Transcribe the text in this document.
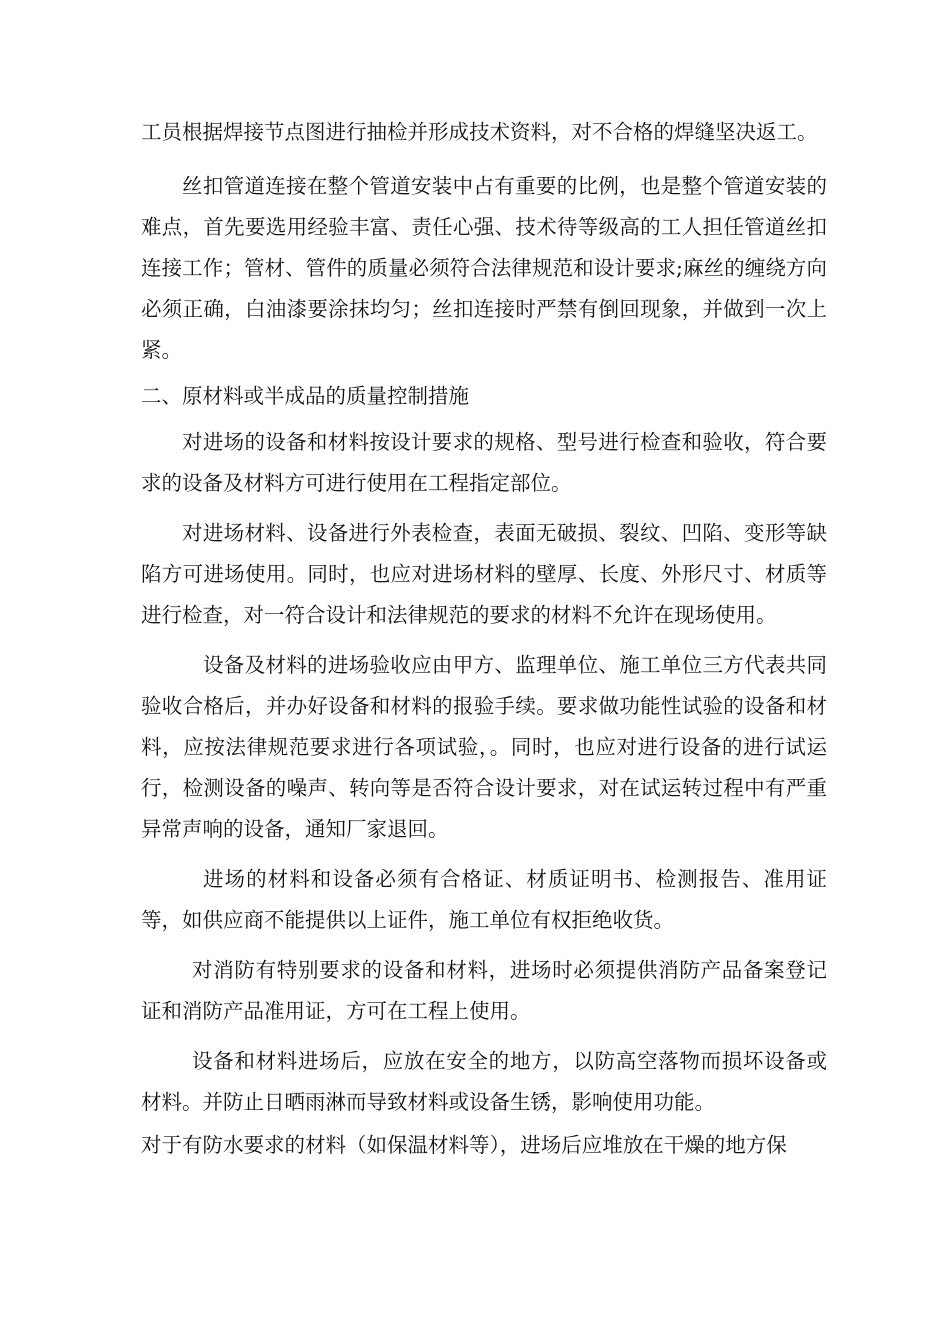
工员根据焊接节点图进行抽检并形成技术资料，对不合格的焊缝坚决返工。

丝扣管道连接在整个管道安装中占有重要的比例，也是整个管道安装的难点，首先要选用经验丰富、责任心强、技术待等级高的工人担任管道丝扣连接工作；管材、管件的质量必须符合法律规范和设计要求;麻丝的缠绕方向必须正确，白油漆要涂抹均匀；丝扣连接时严禁有倒回现象，并做到一次上紧。

二、原材料或半成品的质量控制措施

对进场的设备和材料按设计要求的规格、型号进行检查和验收，符合要求的设备及材料方可进行使用在工程指定部位。

对进场材料、设备进行外表检查，表面无破损、裂纹、凹陷、变形等缺陷方可进场使用。同时，也应对进场材料的壁厚、长度、外形尺寸、材质等进行检查，对一符合设计和法律规范的要求的材料不允许在现场使用。

设备及材料的进场验收应由甲方、监理单位、施工单位三方代表共同验收合格后，并办好设备和材料的报验手续。要求做功能性试验的设备和材料，应按法律规范要求进行各项试验，。同时，也应对进行设备的进行试运行，检测设备的噪声、转向等是否符合设计要求，对在试运转过程中有严重异常声响的设备，通知厂家退回。

进场的材料和设备必须有合格证、材质证明书、检测报告、准用证等，如供应商不能提供以上证件，施工单位有权拒绝收货。

对消防有特别要求的设备和材料，进场时必须提供消防产品备案登记证和消防产品准用证，方可在工程上使用。

设备和材料进场后，应放在安全的地方，以防高空落物而损坏设备或材料。并防止日晒雨淋而导致材料或设备生锈，影响使用功能。

对于有防水要求的材料（如保温材料等），进场后应堆放在干燥的地方保
